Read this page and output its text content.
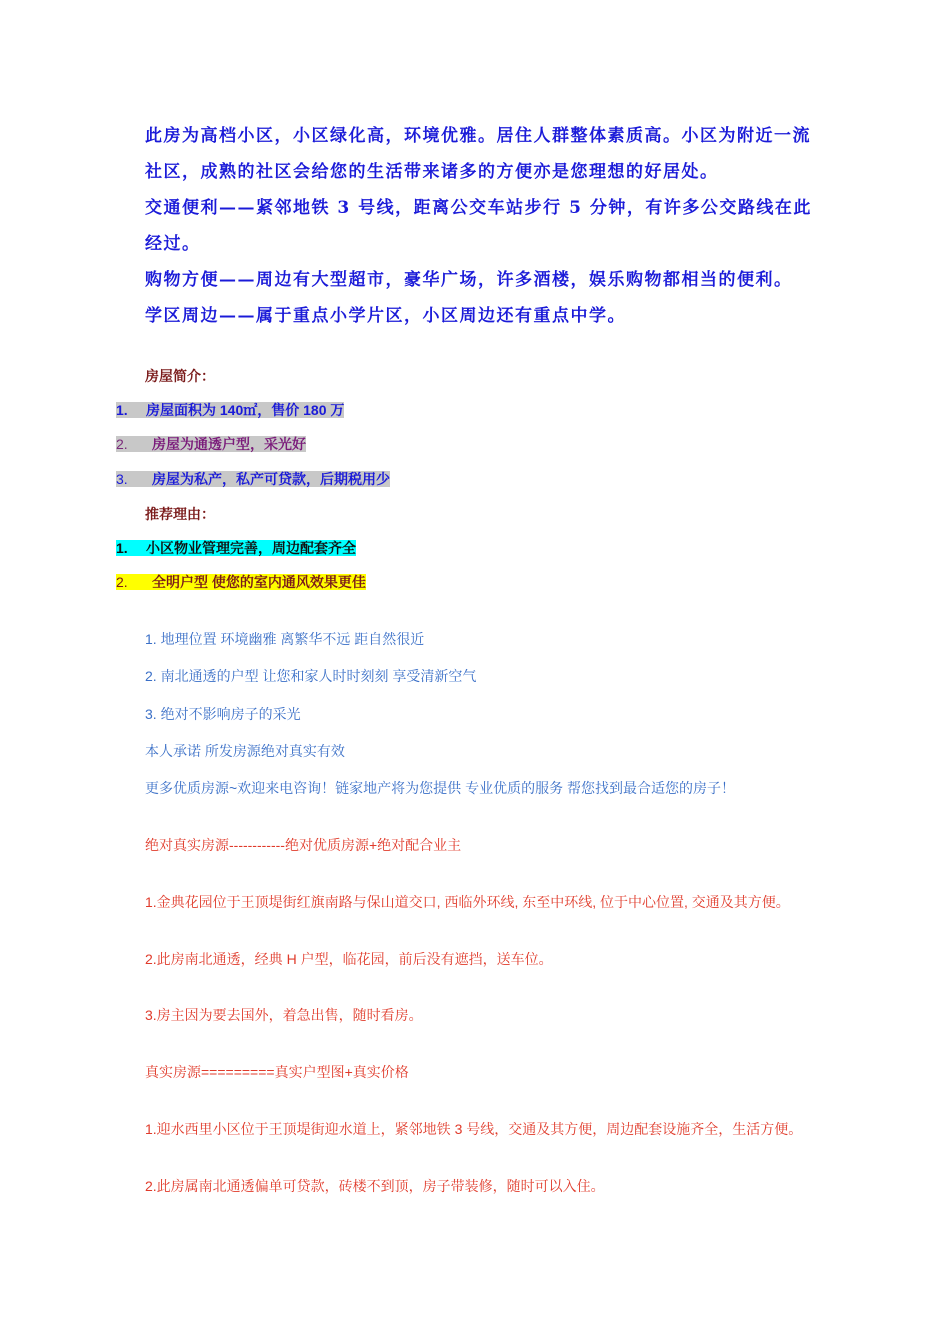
此房为高档小区，小区绿化高，环境优雅。居住人群整体素质高。小区为附近一流

社区，成熟的社区会给您的生活带来诸多的方便亦是您理想的好居处。

交通便利——紧邻地铁 3 号线，距离公交车站步行 5 分钟，有许多公交路线在此

经过。

购物方便——周边有大型超市，豪华广场，许多酒楼，娱乐购物都相当的便利。

学区周边——属于重点小学片区，小区周边还有重点中学。

房屋简介：
1. 房屋面积为 140㎡，售价 180 万
2. 房屋为通透户型，采光好
3. 房屋为私产，私产可贷款，后期税用少
推荐理由：
1. 小区物业管理完善，周边配套齐全
2. 全明户型 使您的室内通风效果更佳
1. 地理位置 环境幽雅 离繁华不远 距自然很近
2. 南北通透的户型 让您和家人时时刻刻 享受清新空气
3. 绝对不影响房子的采光
本人承诺 所发房源绝对真实有效
更多优质房源~欢迎来电咨询！链家地产将为您提供 专业优质的服务 帮您找到最合适您的房子！
绝对真实房源------------绝对优质房源+绝对配合业主
1.金典花园位于王顶堤街红旗南路与保山道交口, 西临外环线, 东至中环线, 位于中心位置, 交通及其方便。
2.此房南北通透，经典 H 户型，临花园，前后没有遮挡，送车位。
3.房主因为要去国外，着急出售，随时看房。
真实房源=========真实户型图+真实价格
1.迎水西里小区位于王顶堤街迎水道上，紧邻地铁 3 号线，交通及其方便，周边配套设施齐全，生活方便。
2.此房属南北通透偏单可贷款，砖楼不到顶，房子带装修，随时可以入住。
